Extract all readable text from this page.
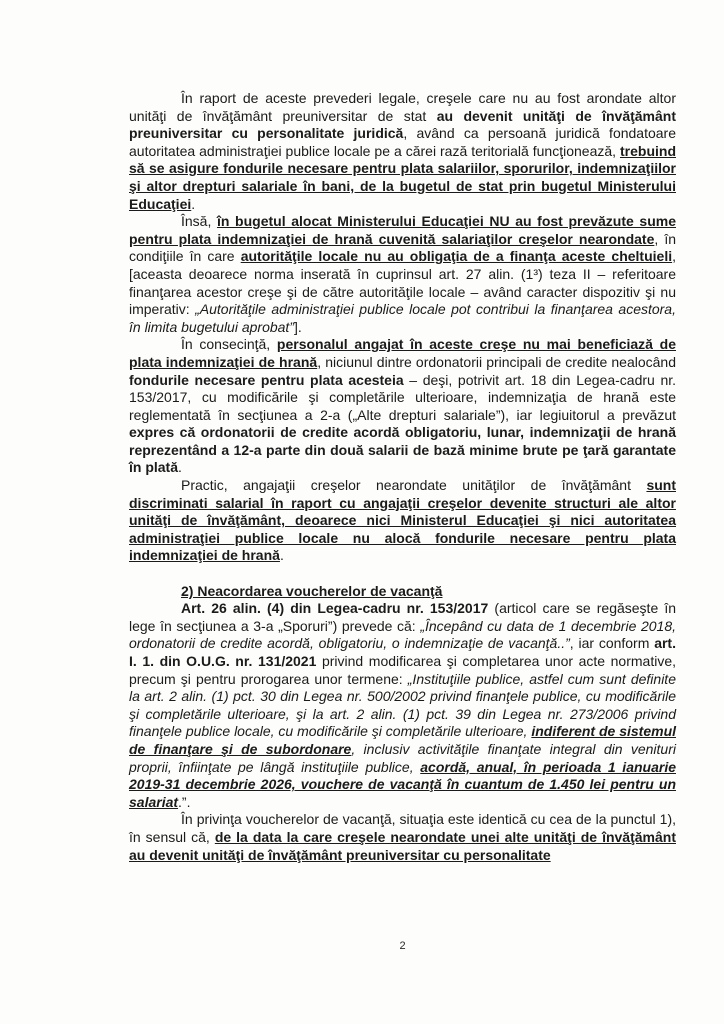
În raport de aceste prevederi legale, creşele care nu au fost arondate altor unităţi de învăţământ preuniversitar de stat au devenit unităţi de învăţământ preuniversitar cu personalitate juridică, având ca persoană juridică fondatoare autoritatea administraţiei publice locale pe a cărei rază teritorială funcţionează, trebuind să se asigure fondurile necesare pentru plata salariilor, sporurilor, indemnizaţiilor şi altor drepturi salariale în bani, de la bugetul de stat prin bugetul Ministerului Educaţiei.

Însă, în bugetul alocat Ministerului Educaţiei NU au fost prevăzute sume pentru plata indemnizaţiei de hrană cuvenită salariaţilor creşelor nearondate, în condiţiile în care autorităţile locale nu au obligaţia de a finanţa aceste cheltuieli, [aceasta deoarece norma inserată în cuprinsul art. 27 alin. (1³) teza II – referitoare finanţarea acestor creşe şi de către autorităţile locale – având caracter dispozitiv şi nu imperativ: „Autorităţile administraţiei publice locale pot contribui la finanţarea acestora, în limita bugetului aprobat”].

În consecinţă, personalul angajat în aceste creşe nu mai beneficiază de plata indemnizaţiei de hrană, niciunul dintre ordonatorii principali de credite nealocând fondurile necesare pentru plata acesteia – deşi, potrivit art. 18 din Legea-cadru nr. 153/2017, cu modificările şi completările ulterioare, indemnizaţia de hrană este reglementată în secţiunea a 2-a („Alte drepturi salariale”), iar legiuitorul a prevăzut expres că ordonatorii de credite acordă obligatoriu, lunar, indemnizaţii de hrană reprezentând a 12-a parte din două salarii de bază minime brute pe ţară garantate în plată.

Practic, angajaţii creşelor nearondate unităţilor de învăţământ sunt discriminati salarial în raport cu angajaţii creşelor devenite structuri ale altor unităţi de învăţământ, deoarece nici Ministerul Educaţiei şi nici autoritatea administraţiei publice locale nu alocă fondurile necesare pentru plata indemnizaţiei de hrană.

2) Neacordarea voucherelor de vacanţă

Art. 26 alin. (4) din Legea-cadru nr. 153/2017 (articol care se regăseşte în lege în secţiunea a 3-a „Sporuri”) prevede că: „Începând cu data de 1 decembrie 2018, ordonatorii de credite acordă, obligatoriu, o indemnizaţie de vacanţă..”, iar conform art. I. 1. din O.U.G. nr. 131/2021 privind modificarea şi completarea unor acte normative, precum şi pentru prorogarea unor termene: „Instituţiile publice, astfel cum sunt definite la art. 2 alin. (1) pct. 30 din Legea nr. 500/2002 privind finanţele publice, cu modificările şi completările ulterioare, şi la art. 2 alin. (1) pct. 39 din Legea nr. 273/2006 privind finanţele publice locale, cu modificările şi completările ulterioare, indiferent de sistemul de finanţare şi de subordonare, inclusiv activităţile finanţate integral din venituri proprii, înfiinţate pe lângă instituţiile publice, acordă, anual, în perioada 1 ianuarie 2019-31 decembrie 2026, vouchere de vacanţă în cuantum de 1.450 lei pentru un salariat.”.

În privinţa voucherelor de vacanţă, situaţia este identică cu cea de la punctul 1), în sensul că, de la data la care creşele nearondate unei alte unităţi de învăţământ au devenit unităţi de învăţământ preuniversitar cu personalitate

2
